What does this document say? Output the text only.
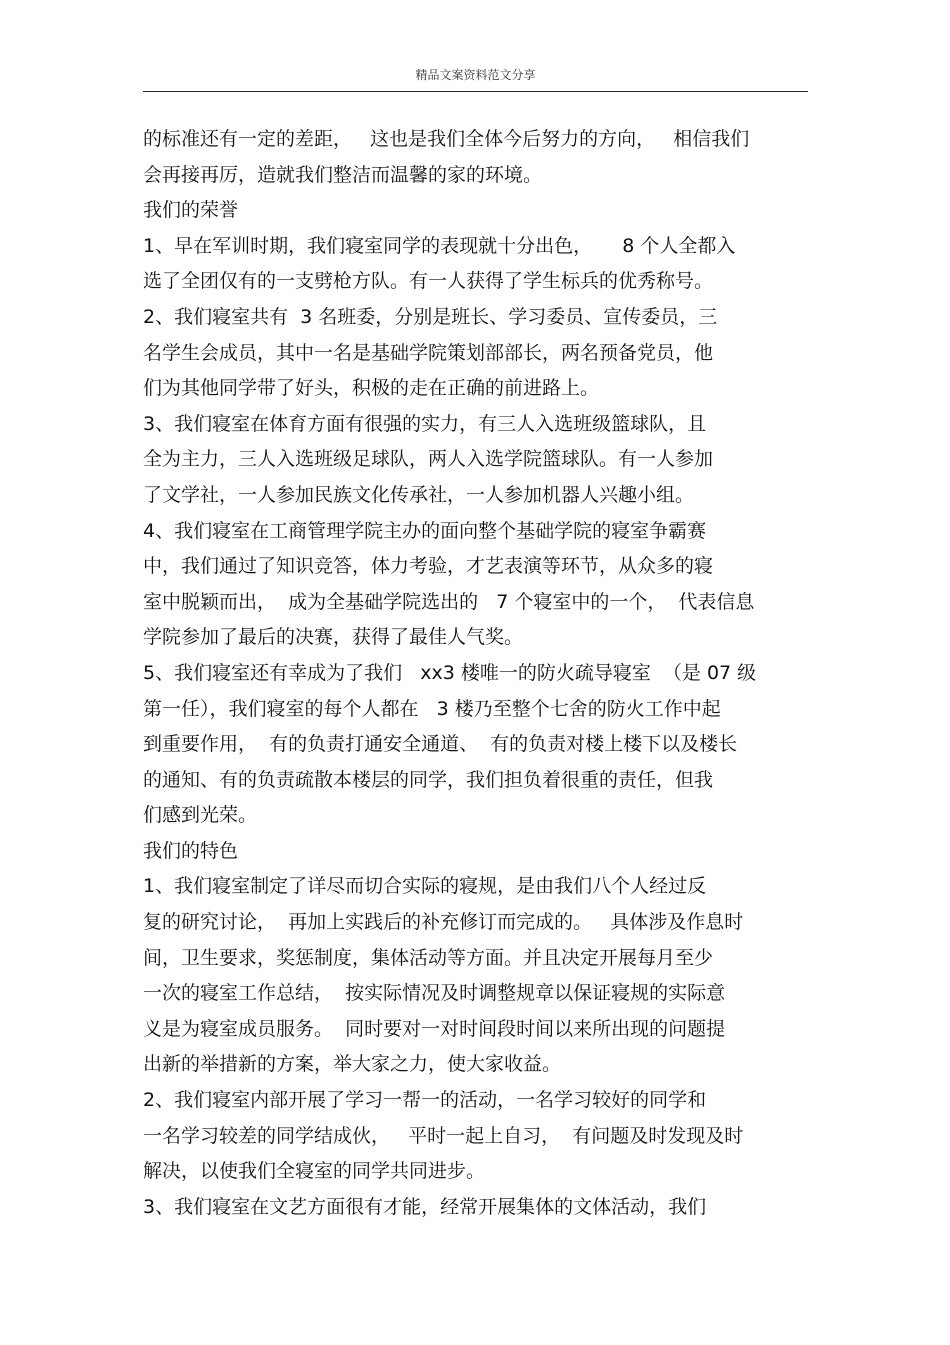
精品文案资料范文分享
的标准还有一定的差距，   这也是我们全体今后努力的方向，   相信我们
会再接再厉，造就我们整洁而温馨的家的环境。
我们的荣誉
1、早在军训时期，我们寝室同学的表现就十分出色，     8 个人全都入
选了全团仅有的一支劈枪方队。有一人获得了学生标兵的优秀称号。
2、我们寝室共有  3 名班委，分别是班长、学习委员、宣传委员，三
名学生会成员，其中一名是基础学院策划部部长，两名预备党员，他
们为其他同学带了好头，积极的走在正确的前进路上。
3、我们寝室在体育方面有很强的实力，有三人入选班级篮球队，且
全为主力，三人入选班级足球队，两人入选学院篮球队。有一人参加
了文学社，一人参加民族文化传承社，一人参加机器人兴趣小组。
4、我们寝室在工商管理学院主办的面向整个基础学院的寝室争霸赛
中，我们通过了知识竞答，体力考验，才艺表演等环节，从众多的寝
室中脱颖而出，  成为全基础学院选出的   7 个寝室中的一个，  代表信息
学院参加了最后的决赛，获得了最佳人气奖。
5、我们寝室还有幸成为了我们   xx3 楼唯一的防火疏导寝室  （是 07 级
第一任），我们寝室的每个人都在   3 楼乃至整个七舍的防火工作中起
到重要作用，  有的负责打通安全通道、  有的负责对楼上楼下以及楼长
的通知、有的负责疏散本楼层的同学，我们担负着很重的责任，但我
们感到光荣。
我们的特色
1、我们寝室制定了详尽而切合实际的寝规，是由我们八个人经过反
复的研究讨论，  再加上实践后的补充修订而完成的。   具体涉及作息时
间，卫生要求，奖惩制度，集体活动等方面。并且决定开展每月至少
一次的寝室工作总结，  按实际情况及时调整规章以保证寝规的实际意
义是为寝室成员服务。  同时要对一对时间段时间以来所出现的问题提
出新的举措新的方案，举大家之力，使大家收益。
2、我们寝室内部开展了学习一帮一的活动，一名学习较好的同学和
一名学习较差的同学结成伙，   平时一起上自习，  有问题及时发现及时
解决，以使我们全寝室的同学共同进步。
3、我们寝室在文艺方面很有才能，经常开展集体的文体活动，我们
